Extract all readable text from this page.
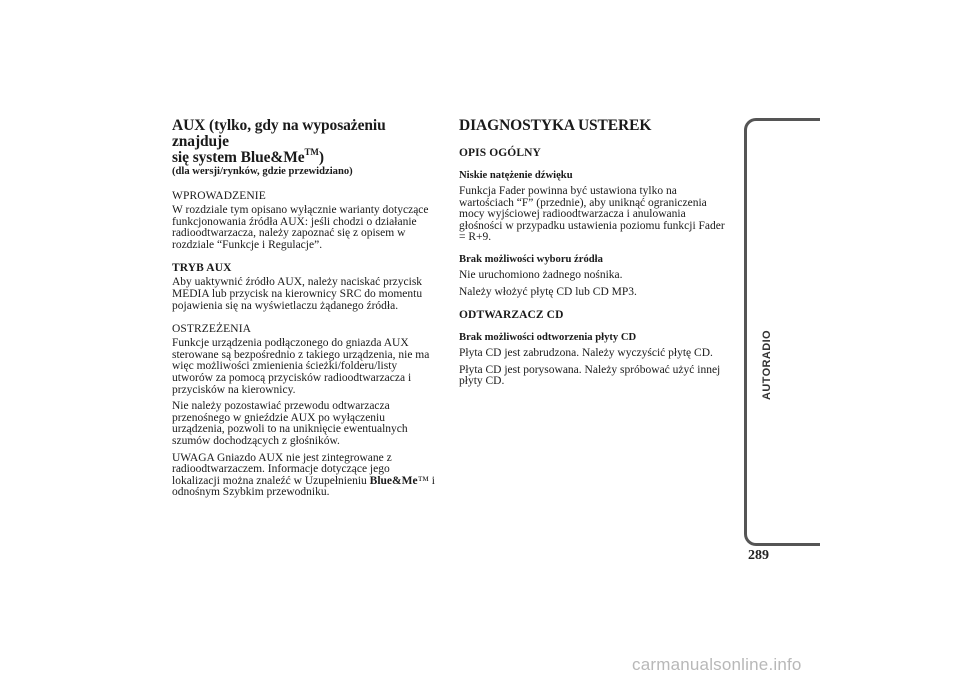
AUX (tylko, gdy na wyposażeniu znajduje
się system Blue&Me™)
(dla wersji/rynków, gdzie przewidziano)
WPROWADZENIE

W rozdziale tym opisano wyłącznie warianty dotyczące funkcjonowania źródła AUX: jeśli chodzi o działanie radioodtwarzacza, należy zapoznać się z opisem w rozdziale “Funkcje i Regulacje”.

TRYB AUX

Aby uaktywnić źródło AUX, należy naciskać przycisk MEDIA lub przycisk na kierownicy SRC do momentu pojawienia się na wyświetlaczu żądanego źródła.

OSTRZEŻENIA

Funkcje urządzenia podłączonego do gniazda AUX sterowane są bezpośrednio z takiego urządzenia, nie ma więc możliwości zmienienia ścieżki/folderu/listy utworów za pomocą przycisków radioodtwarzacza i przycisków na kierownicy.

Nie należy pozostawiać przewodu odtwarzacza przenośnego w gnieździe AUX po wyłączeniu urządzenia, pozwoli to na uniknięcie ewentualnych szumów dochodzących z głośników.

UWAGA Gniazdo AUX nie jest zintegrowane z radioodtwarzaczem. Informacje dotyczące jego lokalizacji można znaleźć w Uzupełnieniu Blue&Me™ i odnośnym Szybkim przewodniku.

DIAGNOSTYKA USTEREK
OPIS OGÓLNY
Niskie natężenie dźwięku

Funkcja Fader powinna być ustawiona tylko na wartościach “F” (przednie), aby uniknąć ograniczenia mocy wyjściowej radioodtwarzacza i anulowania głośności w przypadku ustawienia poziomu funkcji Fader = R+9.

Brak możliwości wyboru źródła

Nie uruchomiono żadnego nośnika.

Należy włożyć płytę CD lub CD MP3.

ODTWARZACZ CD
Brak możliwości odtworzenia płyty CD

Płyta CD jest zabrudzona. Należy wyczyścić płytę CD.

Płyta CD jest porysowana. Należy spróbować użyć innej płyty CD.	AUTORADIO
289
carmanualsonline.info
